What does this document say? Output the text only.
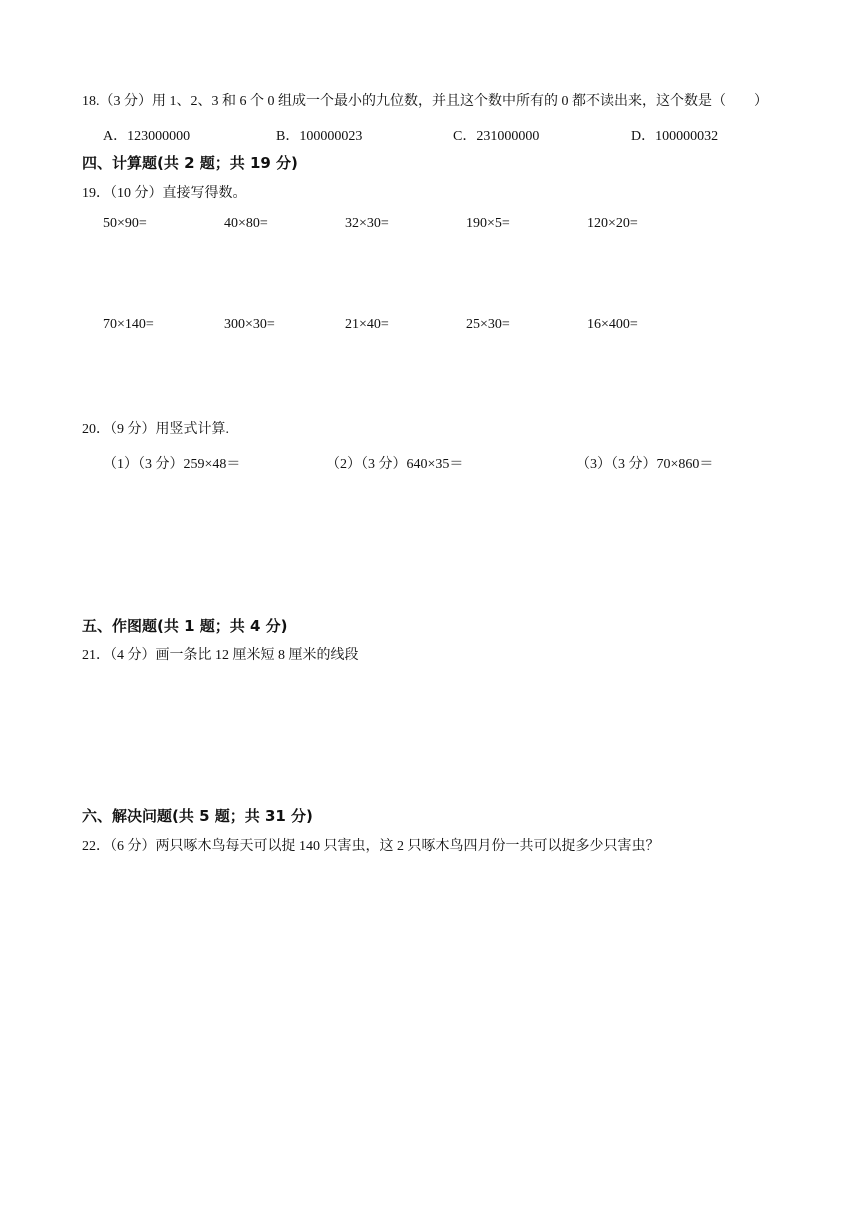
18.（3 分）用 1、2、3 和 6 个 0 组成一个最小的九位数，并且这个数中所有的 0 都不读出来，这个数是（　　）
A．123000000	B．100000023	C．231000000	D．100000032
四、计算题(共 2 题；共 19 分)
19．（10 分）直接写得数。
50×90=	40×80=	32×30=	190×5=	120×20=
70×140=	300×30=	21×40=	25×30=	16×400=
20．（9 分）用竖式计算.
（1）（3 分）259×48＝	（2）（3 分）640×35＝	（3）（3 分）70×860＝
五、作图题(共 1 题；共 4 分)
21．（4 分）画一条比 12 厘米短 8 厘米的线段
六、解决问题(共 5 题；共 31 分)
22．（6 分）两只啄木鸟每天可以捉 140 只害虫，这 2 只啄木鸟四月份一共可以捉多少只害虫？
